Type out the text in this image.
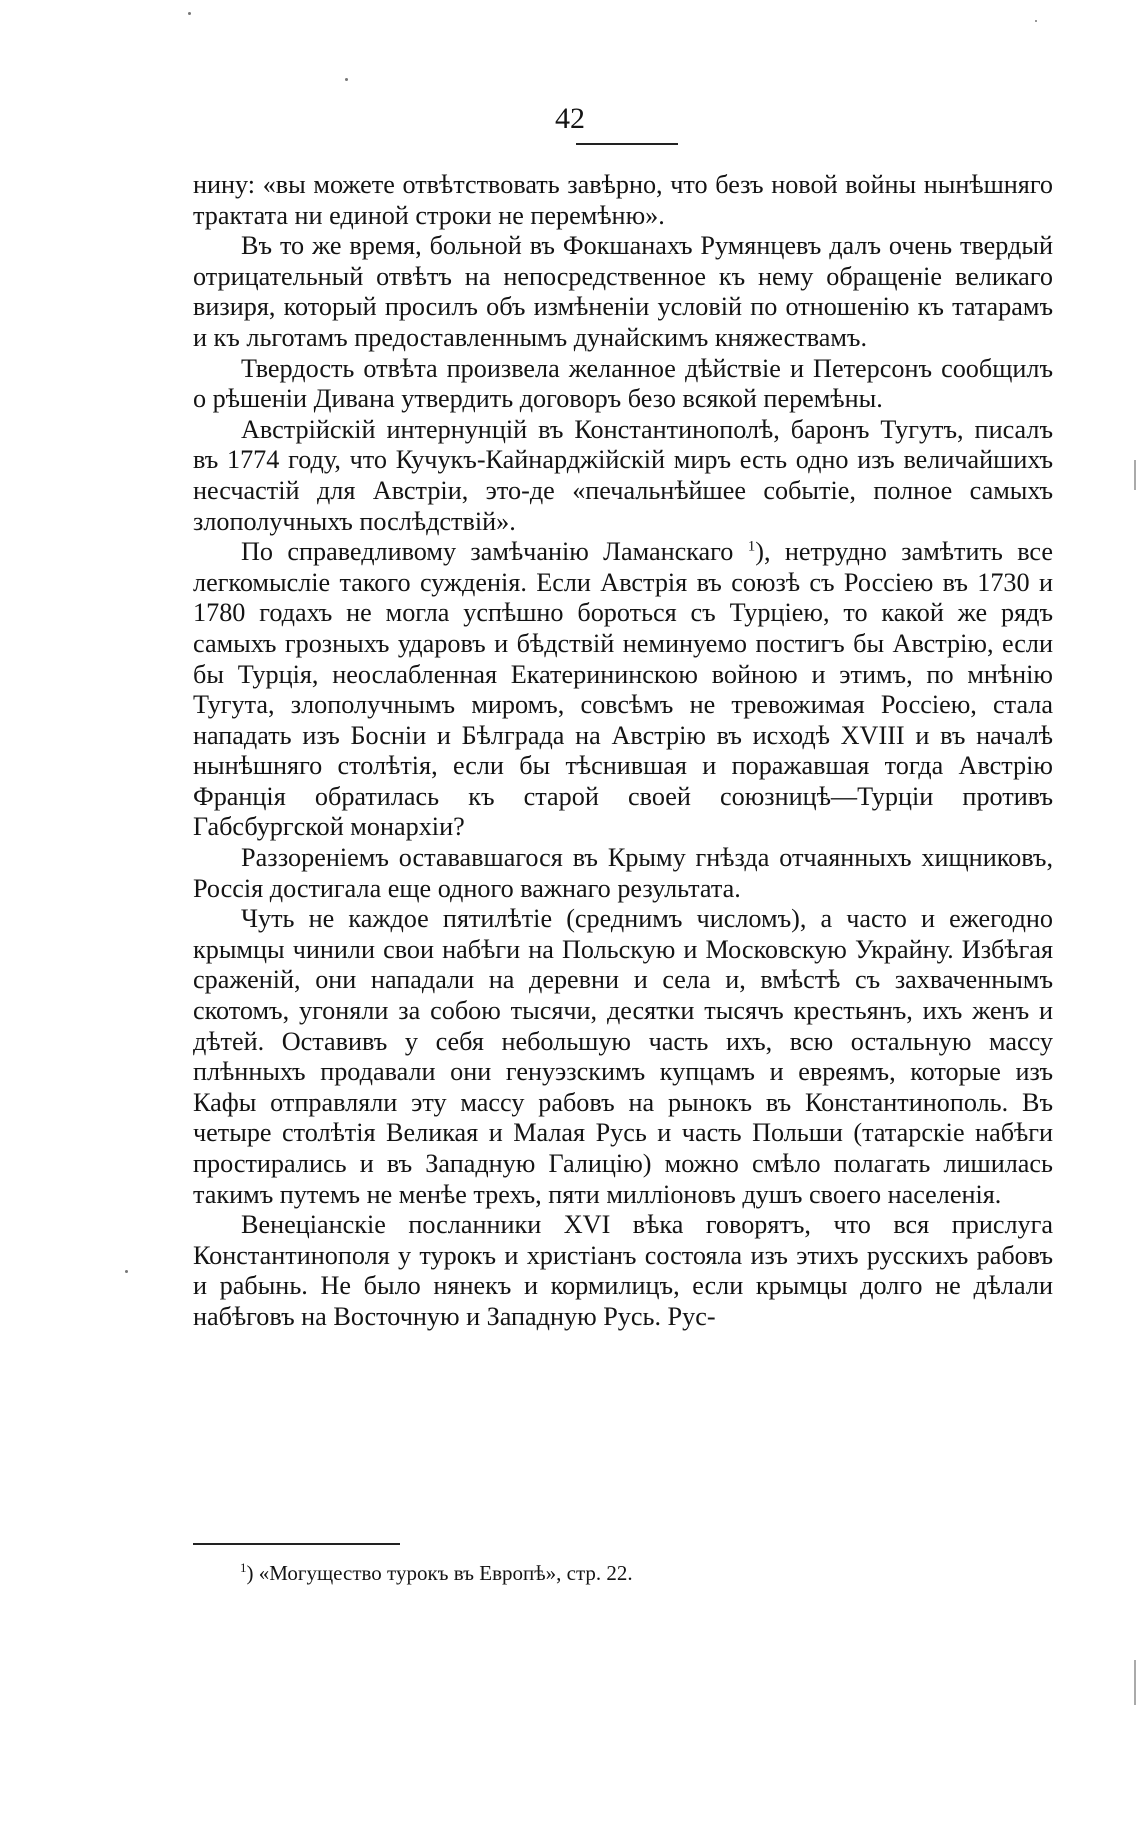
42

нину: «вы можете отвѣтствовать завѣрно, что безъ новой войны нынѣшняго трактата ни единой строки не перемѣню».

Въ то же время, больной въ Фокшанахъ Румянцевъ далъ очень твердый отрицательный отвѣтъ на непосредственное къ нему обращеніе великаго визиря, который просилъ объ измѣненіи условій по отношенію къ татарамъ и къ льготамъ предоставленнымъ дунайскимъ княжествамъ.

Твердость отвѣта произвела желанное дѣйствіе и Петерсонъ сообщилъ о рѣшеніи Дивана утвердить договоръ безо всякой перемѣны.

Австрійскій интернунцій въ Константинополѣ, баронъ Тугутъ, писалъ въ 1774 году, что Кучукъ-Кайнарджійскій миръ есть одно изъ величайшихъ несчастій для Австріи, это-де «печальнѣйшее событіе, полное самыхъ злополучныхъ послѣдствій».

По справедливому замѣчанію Ламанскаго $^1$), нетрудно замѣтить все легкомысліе такого сужденія. Если Австрія въ союзѣ съ Россіею въ 1730 и 1780 годахъ не могла успѣшно бороться съ Турціею, то какой же рядъ самыхъ грозныхъ ударовъ и бѣдствій неминуемо постигъ бы Австрію, если бы Турція, неослабленная Екатерининскою войною и этимъ, по мнѣнію Тугута, злополучнымъ миромъ, совсѣмъ не тревожимая Россіею, стала нападать изъ Босніи и Бѣлграда на Австрію въ исходѣ XVIII и въ началѣ нынѣшняго столѣтія, если бы тѣснившая и поражавшая тогда Австрію Франція обратилась къ старой своей союзницѣ—Турціи противъ Габсбургской монархіи?

Раззореніемъ остававшагося въ Крыму гнѣзда отчаянныхъ хищниковъ, Россія достигала еще одного важнаго результата.

Чуть не каждое пятилѣтіе (среднимъ числомъ), а часто и ежегодно крымцы чинили свои набѣги на Польскую и Московскую Украйну. Избѣгая сраженій, они нападали на деревни и села и, вмѣстѣ съ захваченнымъ скотомъ, угоняли за собою тысячи, десятки тысячъ крестьянъ, ихъ женъ и дѣтей. Оставивъ у себя небольшую часть ихъ, всю остальную массу плѣнныхъ продавали они генуэзскимъ купцамъ и евреямъ, которые изъ Кафы отправляли эту массу рабовъ на рынокъ въ Константинополь. Въ четыре столѣтія Великая и Малая Русь и часть Польши (татарскіе набѣги простирались и въ Западную Галицію) можно смѣло полагать лишилась такимъ путемъ не менѣе трехъ, пяти милліоновъ душъ своего населенія.

Венеціанскіе посланники XVI вѣка говорятъ, что вся прислуга Константинополя у турокъ и христіанъ состояла изъ этихъ русскихъ рабовъ и рабынь. Не было нянекъ и кормилицъ, если крымцы долго не дѣлали набѣговъ на Восточную и Западную Русь. Рус-

$^1$) «Могущество турокъ въ Европѣ», стр. 22.
